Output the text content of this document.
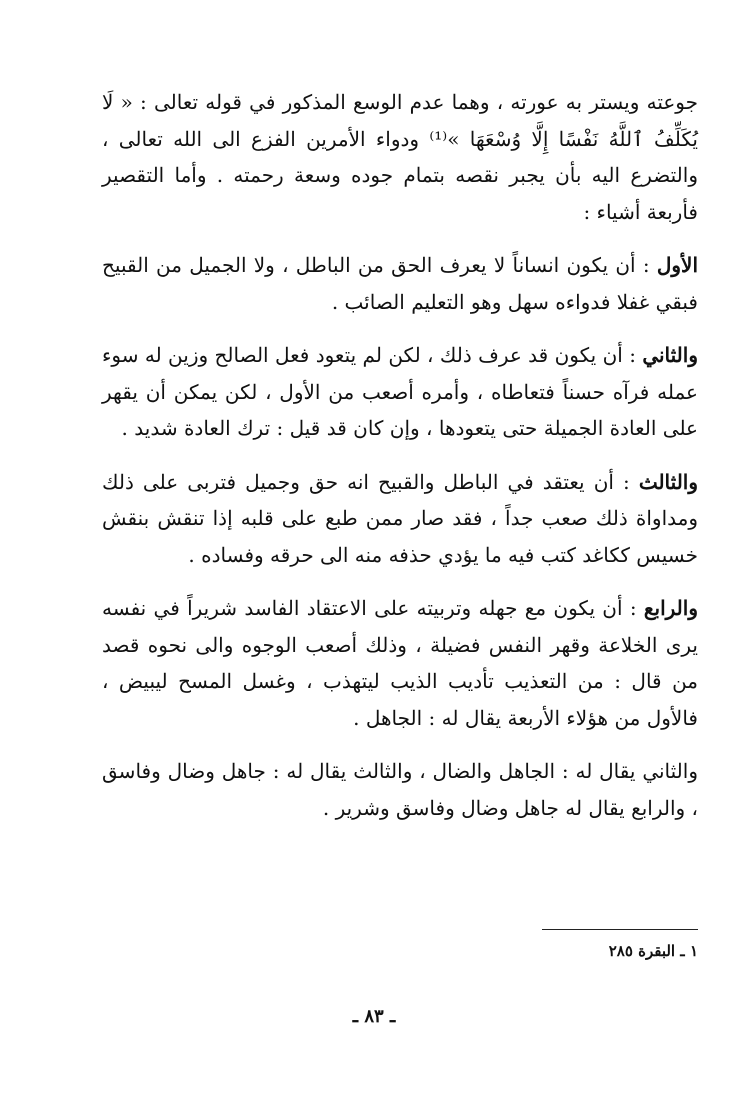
جوعته ويستر به عورته ، وهما عدم الوسع المذكور في قوله تعالى : « لَا يُكَلِّفُ ٱللَّهُ نَفْسًا إِلَّا وُسْعَهَا »⁽¹⁾ ودواء الأمرين الفزع الى الله تعالى ، والتضرع اليه بأن يجبر نقصه بتمام جوده وسعة رحمته . وأما التقصير فأربعة أشياء :

الأول : أن يكون انساناً لا يعرف الحق من الباطل ، ولا الجميل من القبيح فبقي غفلا فدواءه سهل وهو التعليم الصائب .

والثاني : أن يكون قد عرف ذلك ، لكن لم يتعود فعل الصالح وزين له سوء عمله فرآه حسناً فتعاطاه ، وأمره أصعب من الأول ، لكن يمكن أن يقهر على العادة الجميلة حتى يتعودها ، وإن كان قد قيل : ترك العادة شديد .

والثالث : أن يعتقد في الباطل والقبيح انه حق وجميل فتربى على ذلك ومداواة ذلك صعب جداً ، فقد صار ممن طبع على قلبه إذا تنقش بنقش خسيس ككاغد كتب فيه ما يؤدي حذفه منه الى حرقه وفساده .

والرابع : أن يكون مع جهله وتربيته على الاعتقاد الفاسد شريراً في نفسه يرى الخلاعة وقهر النفس فضيلة ، وذلك أصعب الوجوه والى نحوه قصد من قال : من التعذيب تأديب الذيب ليتهذب ، وغسل المسح ليبيض ، فالأول من هؤلاء الأربعة يقال له : الجاهل .

والثاني يقال له : الجاهل والضال ، والثالث يقال له : جاهل وضال وفاسق ، والرابع يقال له جاهل وضال وفاسق وشرير .

١ ـ البقرة ٢٨٥
ـ ٨٣ ـ
